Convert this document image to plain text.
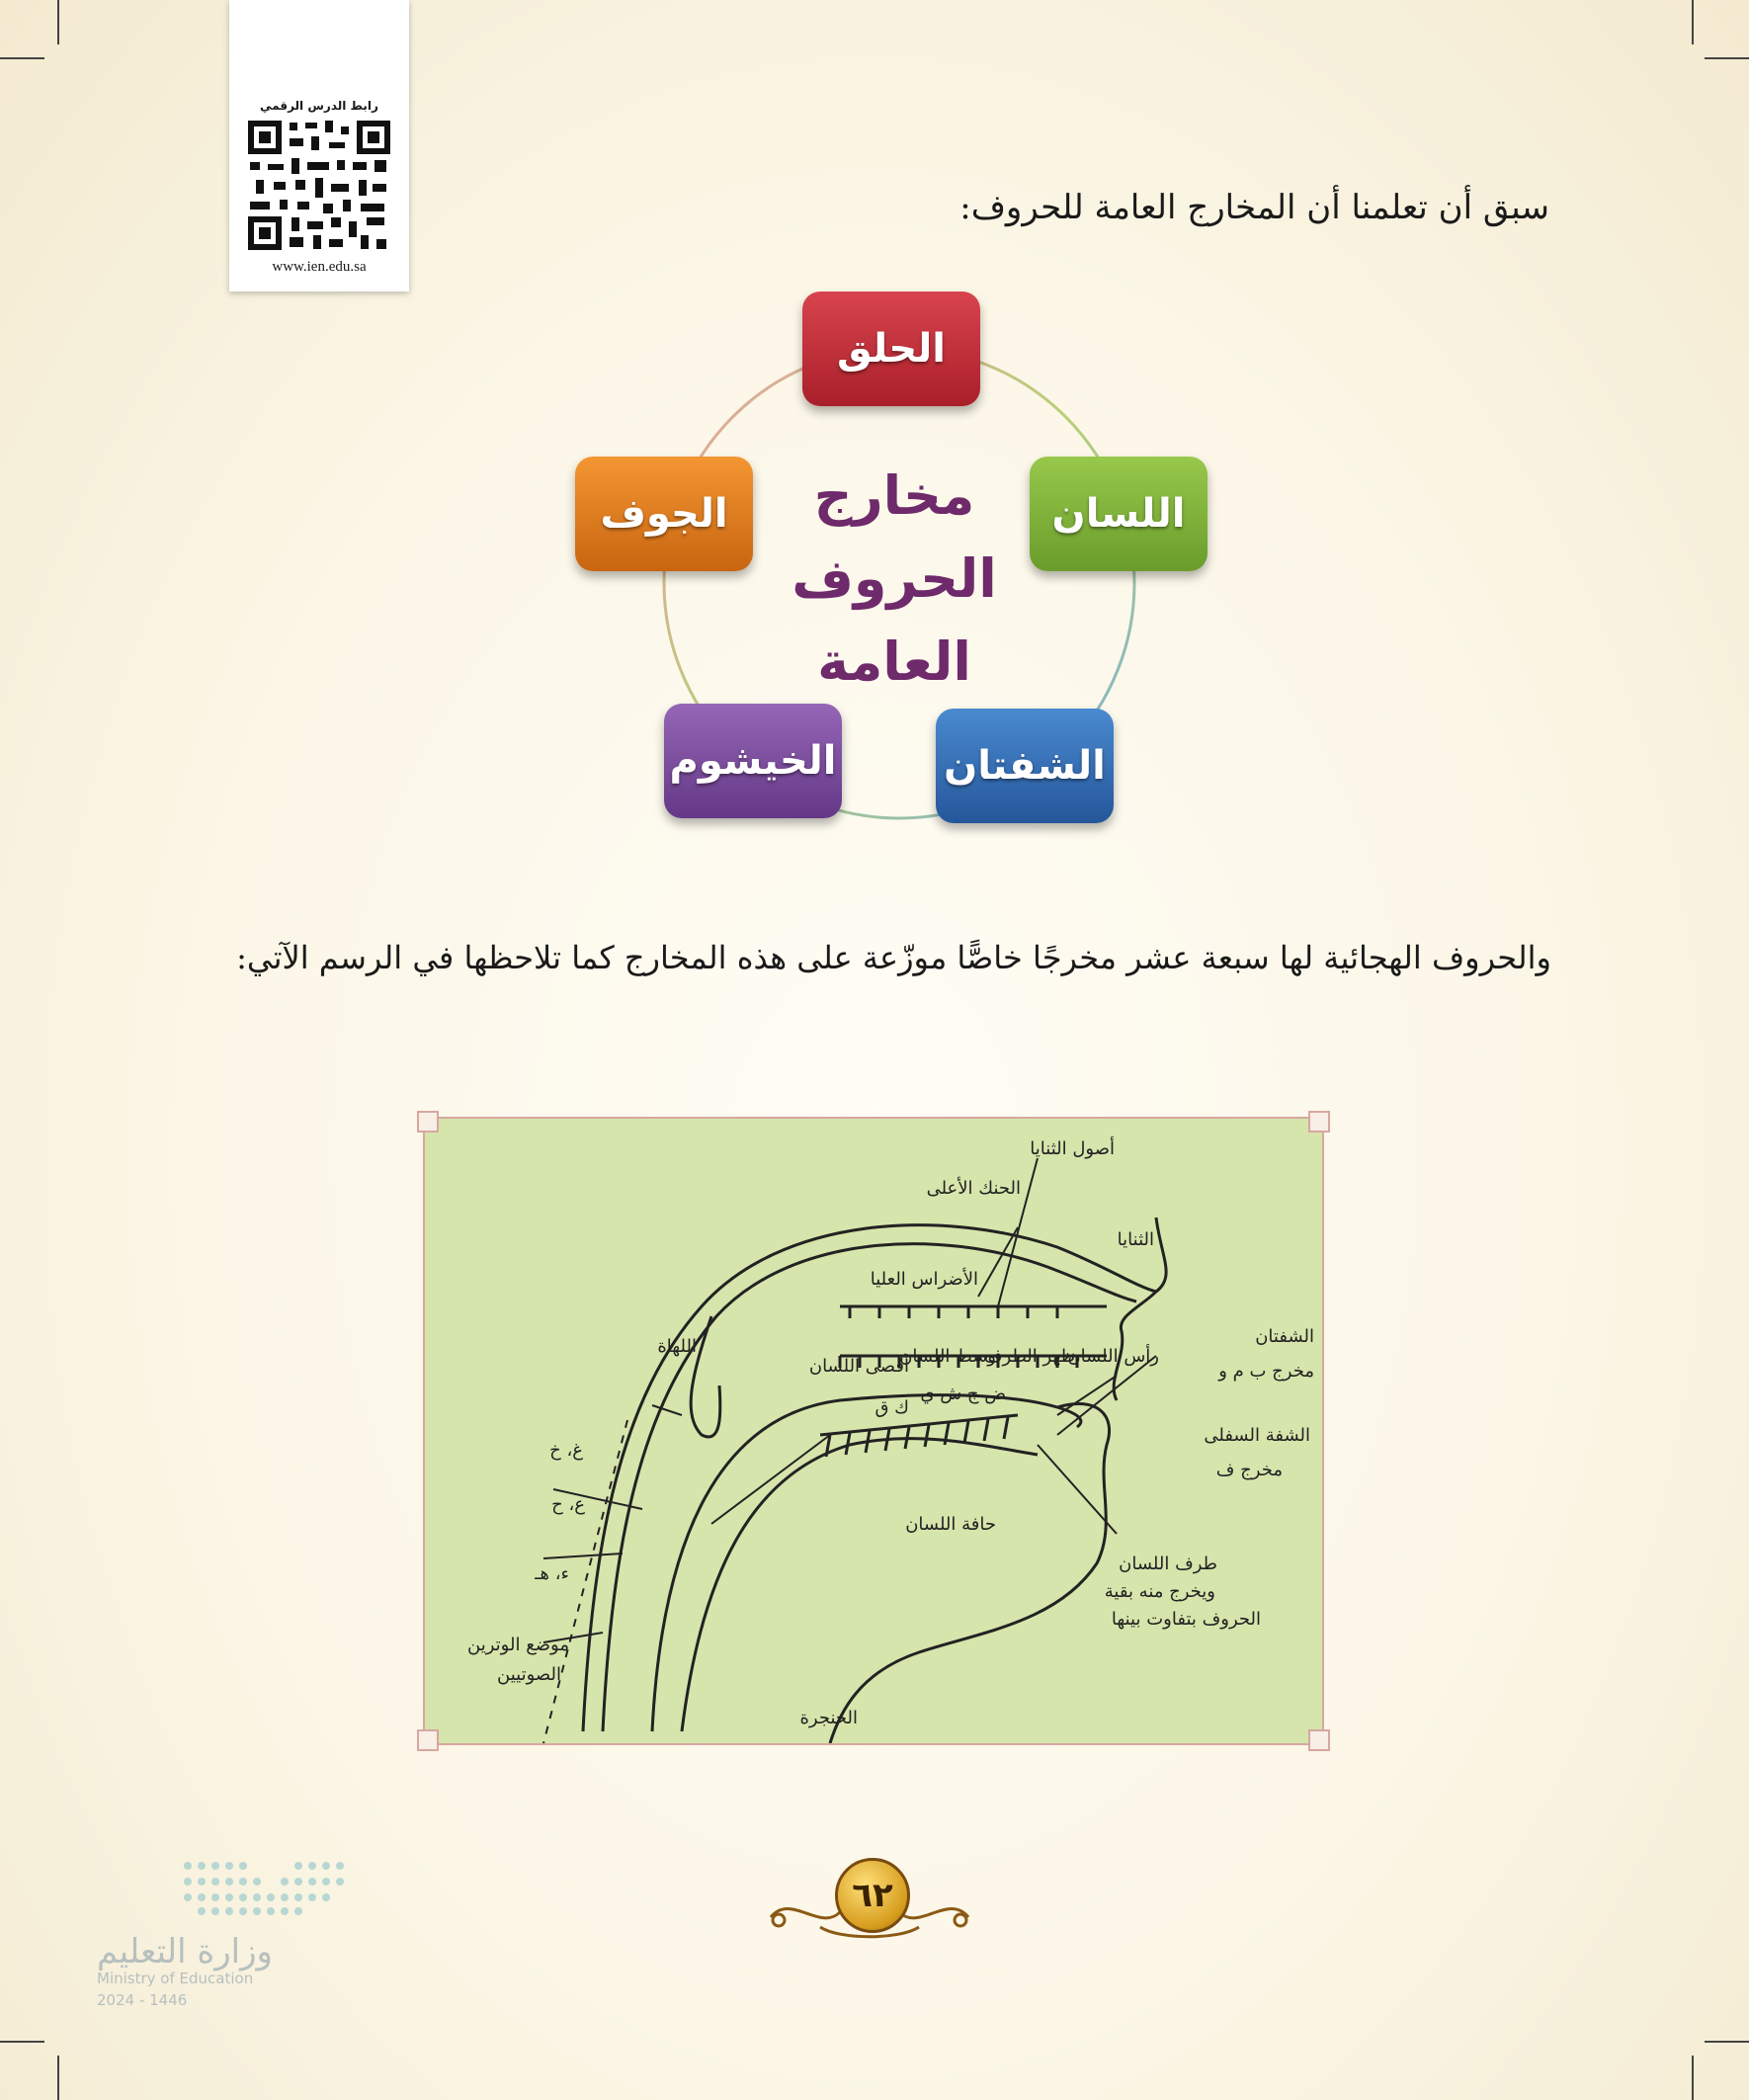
رابط الدرس الرقمي
www.ien.edu.sa
سبق أن تعلمنا أن المخارج العامة للحروف:
الحلق
اللسان
الشفتان
الخيشوم
الجوف	مخارج
الحروف
العامة
والحروف الهجائية لها سبعة عشر مخرجًا خاصًّا موزّعة على هذه المخارج كما تلاحظها في الرسم الآتي:
أصول الثنايا
الحنك الأعلى
الثنايا
الأضراس العليا
الشفتان
مخرج ب م و
اللهاة	رأس اللسان
ظهر الطرف
وسط اللسان
أقصى اللسان
ض ج ش ي
ك ق
غ، خ
ع، ح
ء، هـ
الشفة السفلى
مخرج ف
حافة اللسان
طرف اللسان
ويخرج منه بقية
الحروف بتفاوت بينها
موضع الوترين
الصوتيين
الحنجرة
٦٢
وزارة التعليم
Ministry of Education
2024 - 1446
